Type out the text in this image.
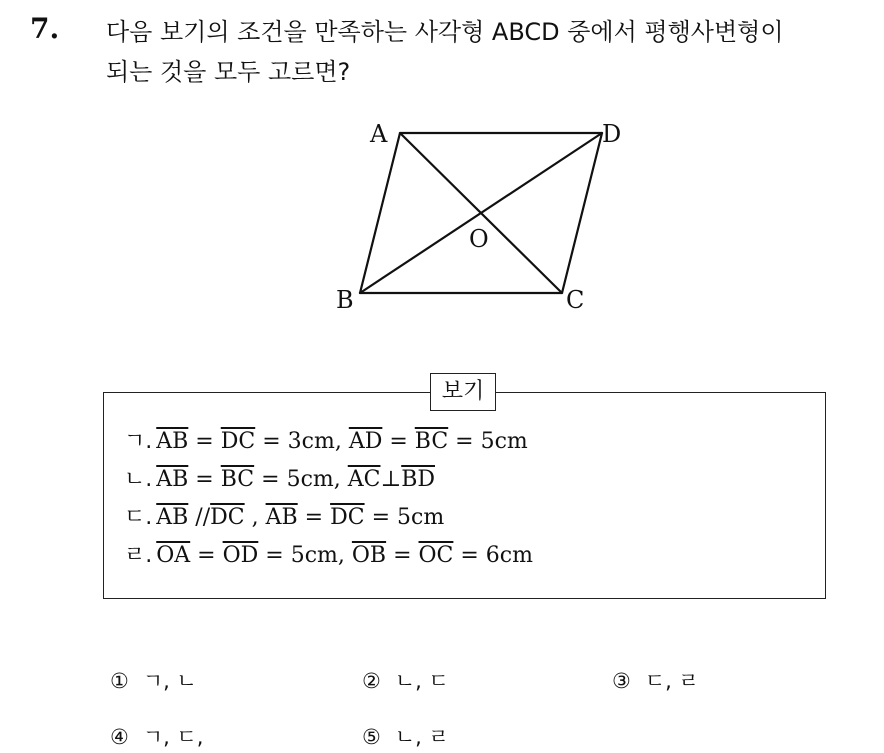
7. 다음 보기의 조건을 만족하는 사각형 ABCD 중에서 평행사변형이
되는 것을 모두 고르면?
A	D
B	C
O
보기
ㄱ. $\overline{AB} = \overline{DC} = 3cm$, $\overline{AD} = \overline{BC} = 5cm$
ㄴ. $\overline{AB} = \overline{BC} = 5cm$, $\overline{AC}\perp\overline{BD}$
ㄷ. $\overline{AB}$ $//\overline{DC}$ , $\overline{AB} = \overline{DC} = 5cm$
ㄹ. $\overline{OA} = \overline{OD} = 5cm$, $\overline{OB} = \overline{OC} = 6cm$
① ㄱ, ㄴ	② ㄴ, ㄷ	③ ㄷ, ㄹ
④ ㄱ, ㄷ,	⑤ ㄴ, ㄹ
